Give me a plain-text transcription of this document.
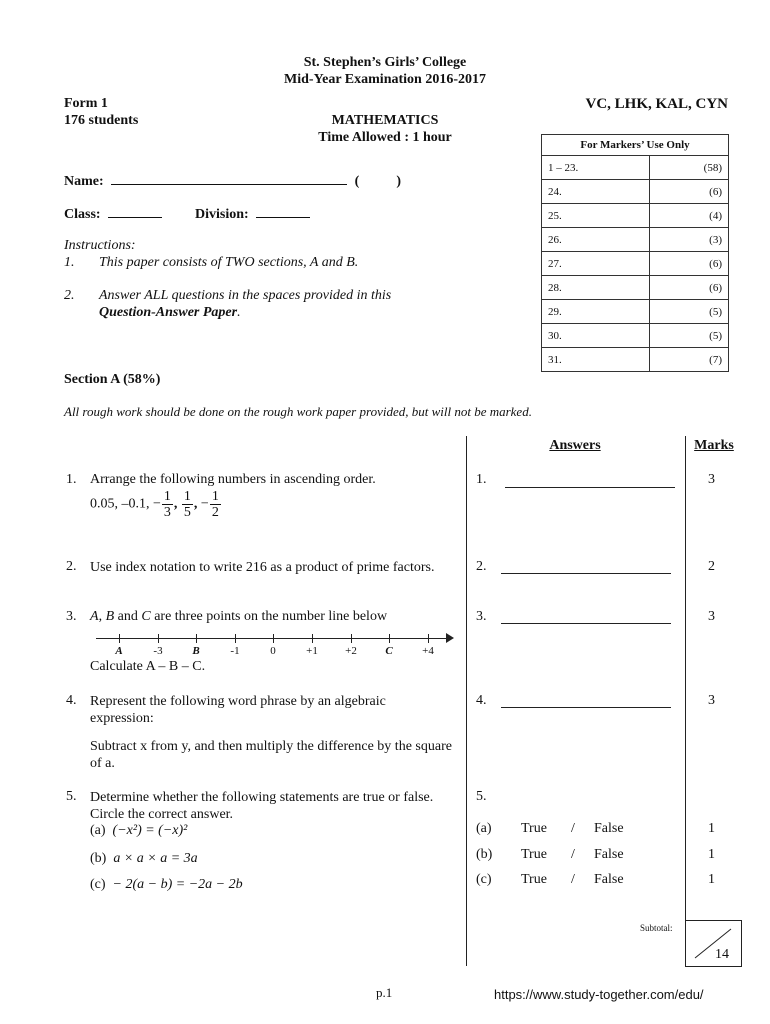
St. Stephen’s Girls’ College
Mid-Year Examination 2016-2017
Form 1
176 students
VC, LHK, KAL, CYN
MATHEMATICS
Time Allowed : 1 hour
Name:	(	)
Class:	Division:
Instructions:
1. This paper consists of TWO sections, A and B.
2. Answer ALL questions in the spaces provided in this
Question-Answer Paper.
For Markers’ Use Only	
1 – 23.	(58)
24.	(6)
25.	(4)
26.	(3)
27.	(6)
28.	(6)
29.	(5)
30.	(5)
31.	(7)
Section A (58%)
All rough work should be done on the rough work paper provided, but will not be marked.
Answers	Marks
1. Arrange the following numbers in ascending order.
0.05, –0.1, − $\frac{1}{3}$ , $\frac{1}{5}$ , − $\frac{1}{2}$
1.	3
2. Use index notation to write 216 as a product of prime factors.	2.	2
3. A, B and C are three points on the number line below
A	-3	B	-1	0	+1	+2	C	+4
Calculate A – B – C.
3.	3
4. Represent the following word phrase by an algebraic expression:
Subtract x from y, and then multiply the difference by the square of a.
4.	3
5. Determine whether the following statements are true or false. Circle the correct answer.
5.
(a) (−x²) = (−x)²
(b) a × a × a = 3a
(c) − 2(a − b) = −2a − 2b
(a) True / False	1
(b) True / False	1
(c) True / False	1
Subtotal:
14
p.1	https://www.study-together.com/edu/
